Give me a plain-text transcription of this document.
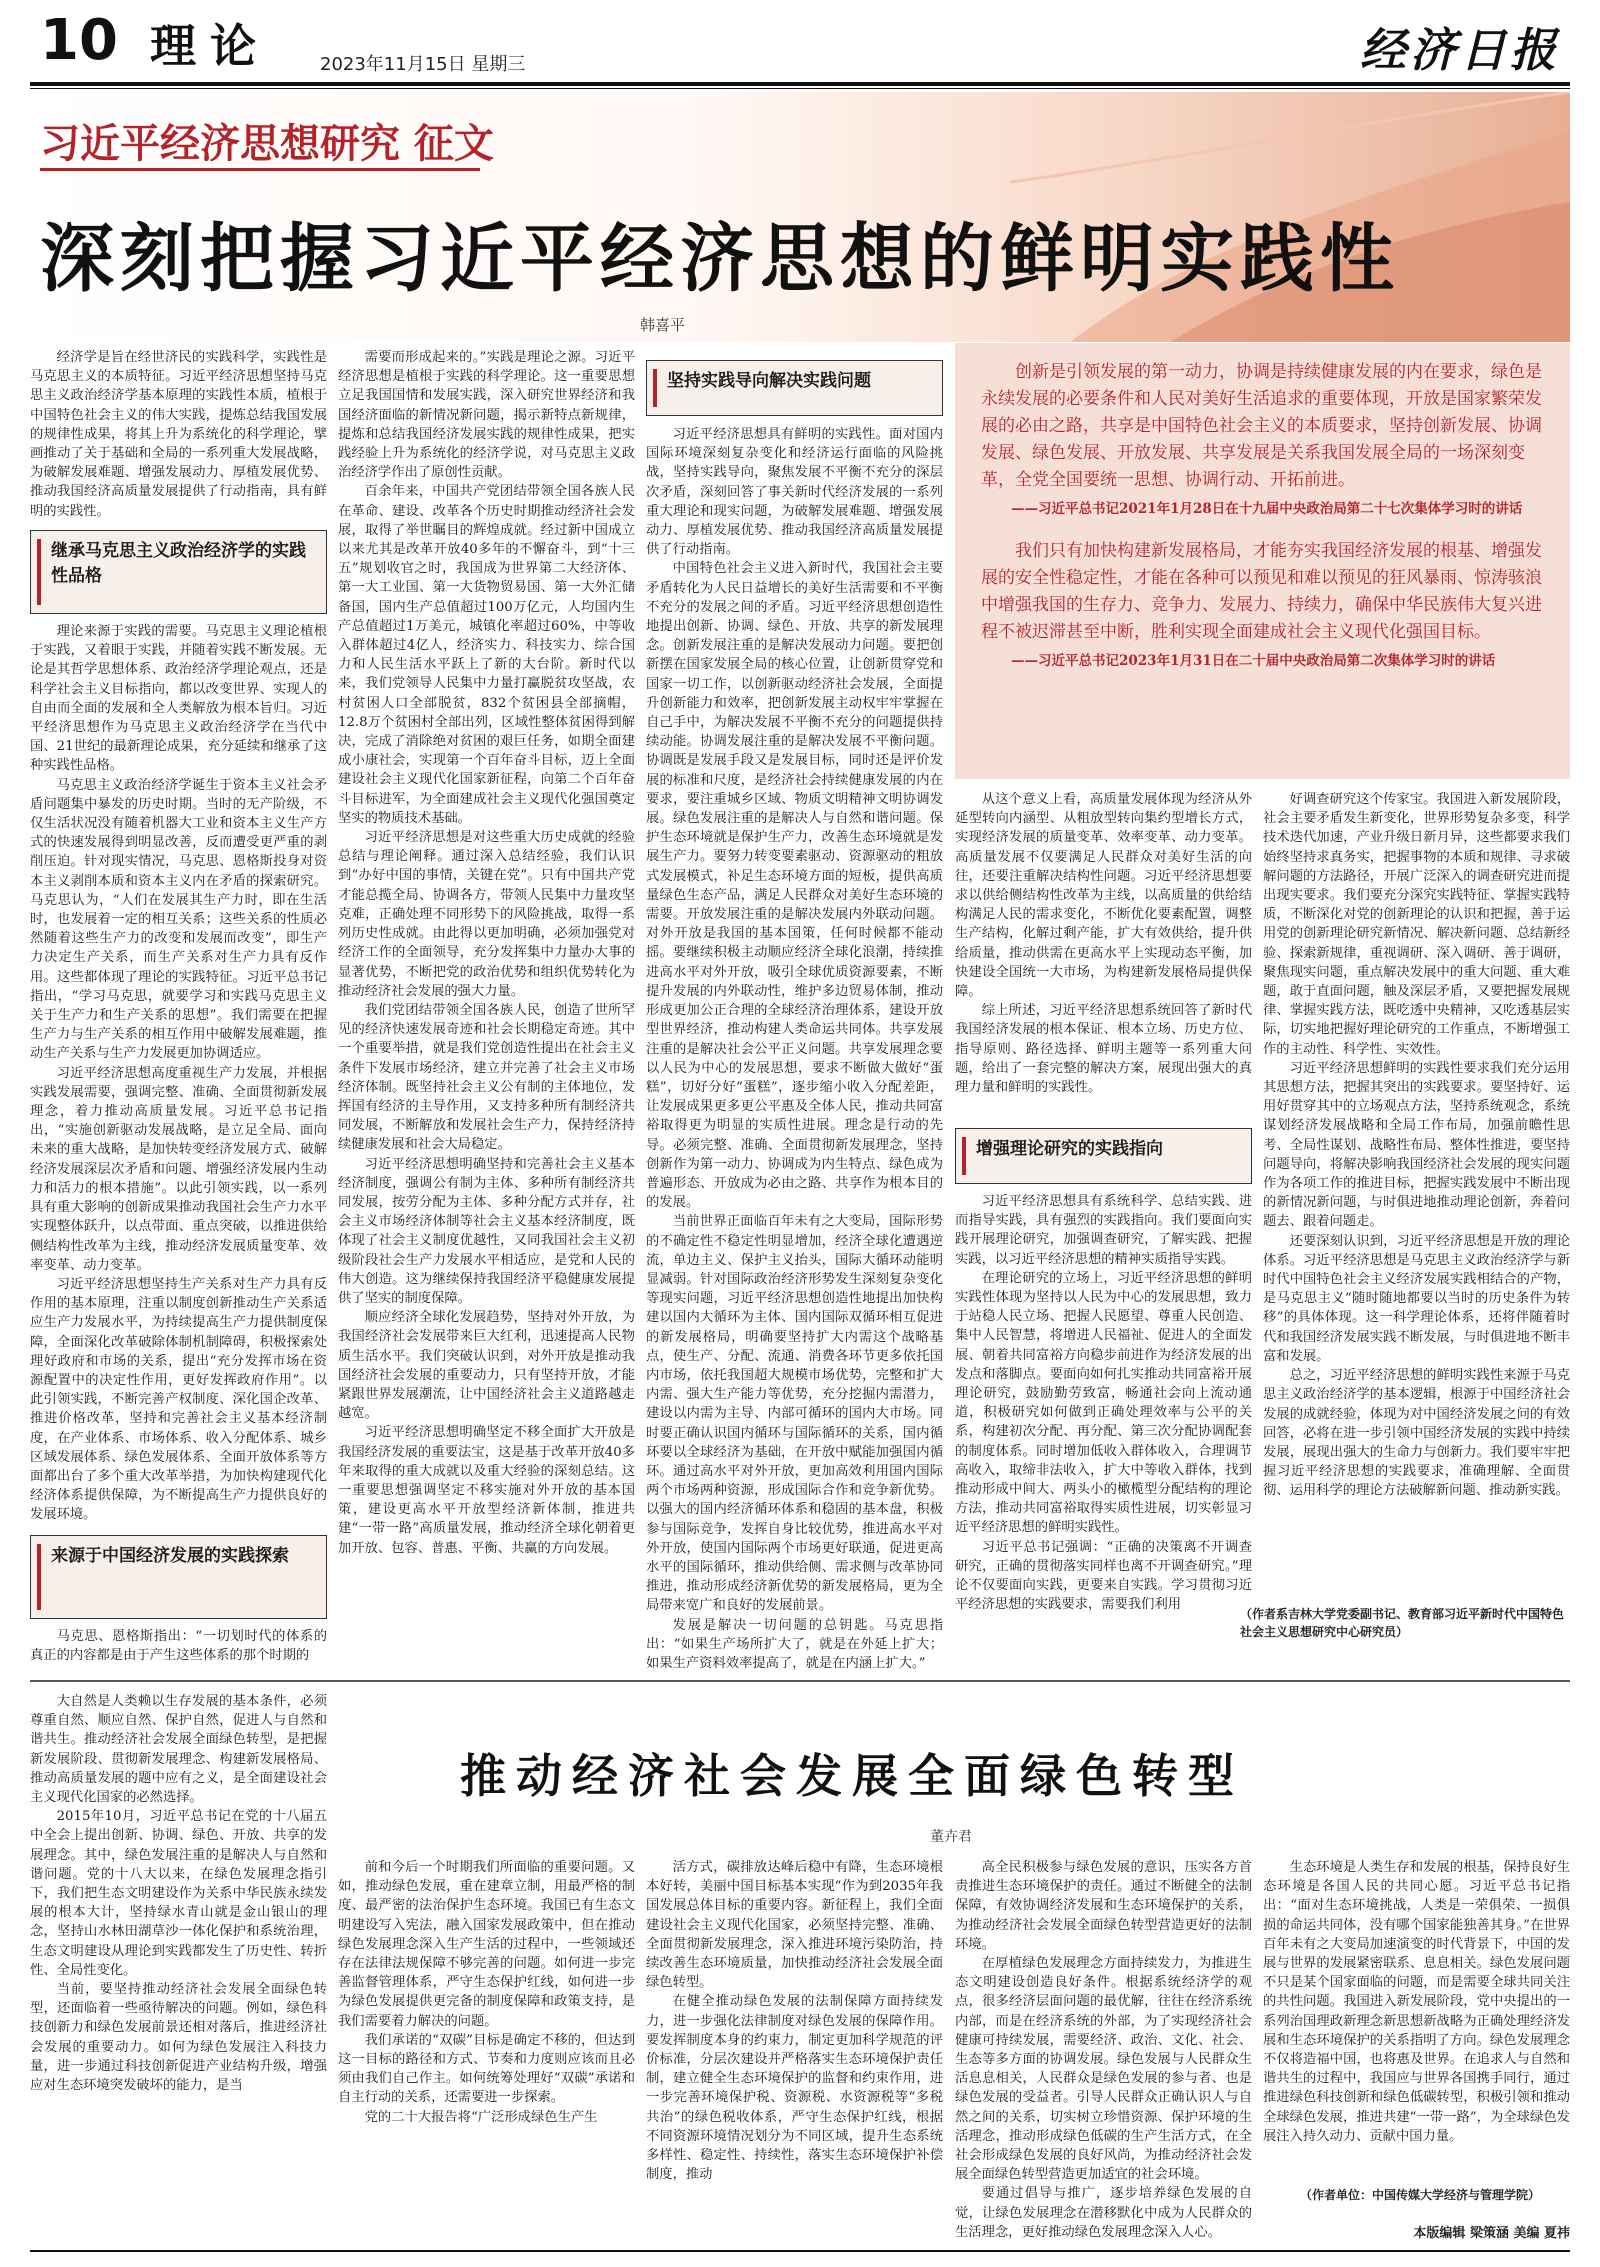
10 理论	2023年11月15日 星期三	经济日报
习近平经济思想研究 征文
深刻把握习近平经济思想的鲜明实践性
韩喜平

经济学是旨在经世济民的实践科学，实践性是马克思主义的本质特征。习近平经济思想坚持马克思主义政治经济学基本原理的实践性本质，植根于中国特色社会主义的伟大实践，提炼总结我国发展的规律性成果，将其上升为系统化的科学理论，擘画推动了关于基础和全局的一系列重大发展战略，为破解发展难题、增强发展动力、厚植发展优势、推动我国经济高质量发展提供了行动指南，具有鲜明的实践性。

继承马克思主义政治经济学的实践性品格

理论来源于实践的需要。马克思主义理论植根于实践，又着眼于实践，并随着实践不断发展。无论是其哲学思想体系、政治经济学理论观点，还是科学社会主义目标指向，都以改变世界、实现人的自由而全面的发展和全人类解放为根本旨归。习近平经济思想作为马克思主义政治经济学在当代中国、21世纪的最新理论成果，充分延续和继承了这种实践性品格。

马克思主义政治经济学诞生于资本主义社会矛盾问题集中暴发的历史时期。当时的无产阶级，不仅生活状况没有随着机器大工业和资本主义生产方式的快速发展得到明显改善，反而遭受更严重的剥削压迫。针对现实情况，马克思、恩格斯投身对资本主义剥削本质和资本主义内在矛盾的探索研究。马克思认为，“人们在发展其生产力时，即在生活时，也发展着一定的相互关系；这些关系的性质必然随着这些生产力的改变和发展而改变”，即生产力决定生产关系，而生产关系对生产力具有反作用。这些都体现了理论的实践特征。习近平总书记指出，“学习马克思，就要学习和实践马克思主义关于生产力和生产关系的思想”。我们需要在把握生产力与生产关系的相互作用中破解发展难题，推动生产关系与生产力发展更加协调适应。

习近平经济思想高度重视生产力发展，并根据实践发展需要，强调完整、准确、全面贯彻新发展理念，着力推动高质量发展。习近平总书记指出，“实施创新驱动发展战略，是立足全局、面向未来的重大战略，是加快转变经济发展方式、破解经济发展深层次矛盾和问题、增强经济发展内生动力和活力的根本措施”。以此引领实践，以一系列具有重大影响的创新成果推动我国社会生产力水平实现整体跃升，以点带面、重点突破，以推进供给侧结构性改革为主线，推动经济发展质量变革、效率变革、动力变革。

习近平经济思想坚持生产关系对生产力具有反作用的基本原理，注重以制度创新推动生产关系适应生产力发展水平，为持续提高生产力提供制度保障，全面深化改革破除体制机制障碍，积极探索处理好政府和市场的关系，提出“充分发挥市场在资源配置中的决定性作用，更好发挥政府作用”。以此引领实践，不断完善产权制度、深化国企改革、推进价格改革，坚持和完善社会主义基本经济制度，在产业体系、市场体系、收入分配体系、城乡区域发展体系、绿色发展体系、全面开放体系等方面都出台了多个重大改革举措，为加快构建现代化经济体系提供保障，为不断提高生产力提供良好的发展环境。

来源于中国经济发展的实践探索

马克思、恩格斯指出：“一切划时代的体系的真正的内容都是由于产生这些体系的那个时期的

需要而形成起来的。”实践是理论之源。习近平经济思想是植根于实践的科学理论。这一重要思想立足我国国情和发展实践，深入研究世界经济和我国经济面临的新情况新问题，揭示新特点新规律，提炼和总结我国经济发展实践的规律性成果，把实践经验上升为系统化的经济学说，对马克思主义政治经济学作出了原创性贡献。

百余年来，中国共产党团结带领全国各族人民在革命、建设、改革各个历史时期推动经济社会发展，取得了举世瞩目的辉煌成就。经过新中国成立以来尤其是改革开放40多年的不懈奋斗，到“十三五”规划收官之时，我国成为世界第二大经济体、第一大工业国、第一大货物贸易国、第一大外汇储备国，国内生产总值超过100万亿元，人均国内生产总值超过1万美元，城镇化率超过60%，中等收入群体超过4亿人，经济实力、科技实力、综合国力和人民生活水平跃上了新的大台阶。新时代以来，我们党领导人民集中力量打赢脱贫攻坚战，农村贫困人口全部脱贫，832个贫困县全部摘帽，12.8万个贫困村全部出列，区域性整体贫困得到解决，完成了消除绝对贫困的艰巨任务，如期全面建成小康社会，实现第一个百年奋斗目标，迈上全面建设社会主义现代化国家新征程，向第二个百年奋斗目标进军，为全面建成社会主义现代化强国奠定坚实的物质技术基础。

习近平经济思想是对这些重大历史成就的经验总结与理论阐释。通过深入总结经验，我们认识到“办好中国的事情，关键在党”。只有中国共产党才能总揽全局、协调各方，带领人民集中力量攻坚克难，正确处理不同形势下的风险挑战，取得一系列历史性成就。由此得以更加明确，必须加强党对经济工作的全面领导，充分发挥集中力量办大事的显著优势，不断把党的政治优势和组织优势转化为推动经济社会发展的强大力量。

我们党团结带领全国各族人民，创造了世所罕见的经济快速发展奇迹和社会长期稳定奇迹。其中一个重要举措，就是我们党创造性提出在社会主义条件下发展市场经济，建立并完善了社会主义市场经济体制。既坚持社会主义公有制的主体地位，发挥国有经济的主导作用，又支持多种所有制经济共同发展，不断解放和发展社会生产力，保持经济持续健康发展和社会大局稳定。

习近平经济思想明确坚持和完善社会主义基本经济制度，强调公有制为主体、多种所有制经济共同发展，按劳分配为主体、多种分配方式并存，社会主义市场经济体制等社会主义基本经济制度，既体现了社会主义制度优越性，又同我国社会主义初级阶段社会生产力发展水平相适应，是党和人民的伟大创造。这为继续保持我国经济平稳健康发展提供了坚实的制度保障。

顺应经济全球化发展趋势，坚持对外开放，为我国经济社会发展带来巨大红利，迅速提高人民物质生活水平。我们突破认识到，对外开放是推动我国经济社会发展的重要动力，只有坚持开放，才能紧跟世界发展潮流，让中国经济社会主义道路越走越宽。

习近平经济思想明确坚定不移全面扩大开放是我国经济发展的重要法宝，这是基于改革开放40多年来取得的重大成就以及重大经验的深刻总结。这一重要思想强调坚定不移实施对外开放的基本国策，建设更高水平开放型经济新体制，推进共建“一带一路”高质量发展，推动经济全球化朝着更加开放、包容、普惠、平衡、共赢的方向发展。

坚持实践导向解决实践问题

习近平经济思想具有鲜明的实践性。面对国内国际环境深刻复杂变化和经济运行面临的风险挑战，坚持实践导向，聚焦发展不平衡不充分的深层次矛盾，深刻回答了事关新时代经济发展的一系列重大理论和现实问题，为破解发展难题、增强发展动力、厚植发展优势、推动我国经济高质量发展提供了行动指南。

中国特色社会主义进入新时代，我国社会主要矛盾转化为人民日益增长的美好生活需要和不平衡不充分的发展之间的矛盾。习近平经济思想创造性地提出创新、协调、绿色、开放、共享的新发展理念。创新发展注重的是解决发展动力问题。要把创新摆在国家发展全局的核心位置，让创新贯穿党和国家一切工作，以创新驱动经济社会发展，全面提升创新能力和效率，把创新发展主动权牢牢掌握在自己手中，为解决发展不平衡不充分的问题提供持续动能。协调发展注重的是解决发展不平衡问题。协调既是发展手段又是发展目标，同时还是评价发展的标准和尺度，是经济社会持续健康发展的内在要求，要注重城乡区域、物质文明精神文明协调发展。绿色发展注重的是解决人与自然和谐问题。保护生态环境就是保护生产力，改善生态环境就是发展生产力。要努力转变要素驱动、资源驱动的粗放式发展模式，补足生态环境方面的短板，提供高质量绿色生态产品，满足人民群众对美好生态环境的需要。开放发展注重的是解决发展内外联动问题。对外开放是我国的基本国策，任何时候都不能动摇。要继续积极主动顺应经济全球化浪潮，持续推进高水平对外开放，吸引全球优质资源要素，不断提升发展的内外联动性，维护多边贸易体制，推动形成更加公正合理的全球经济治理体系，建设开放型世界经济，推动构建人类命运共同体。共享发展注重的是解决社会公平正义问题。共享发展理念要以人民为中心的发展思想，要求不断做大做好“蛋糕”，切好分好“蛋糕”，逐步缩小收入分配差距，让发展成果更多更公平惠及全体人民，推动共同富裕取得更为明显的实质性进展。理念是行动的先导。必须完整、准确、全面贯彻新发展理念，坚持创新作为第一动力、协调成为内生特点、绿色成为普遍形态、开放成为必由之路、共享作为根本目的的发展。

当前世界正面临百年未有之大变局，国际形势的不确定性不稳定性明显增加，经济全球化遭遇逆流，单边主义、保护主义抬头，国际大循环动能明显减弱。针对国际政治经济形势发生深刻复杂变化等现实问题，习近平经济思想创造性地提出加快构建以国内大循环为主体、国内国际双循环相互促进的新发展格局，明确要坚持扩大内需这个战略基点，使生产、分配、流通、消费各环节更多依托国内市场，依托我国超大规模市场优势，完整和扩大内需、强大生产能力等优势，充分挖掘内需潜力，建设以内需为主导、内部可循环的国内大市场。同时要正确认识国内循环与国际循环的关系，国内循环要以全球经济为基础，在开放中赋能加强国内循环。通过高水平对外开放，更加高效利用国内国际两个市场两种资源，形成国际合作和竞争新优势。以强大的国内经济循环体系和稳固的基本盘，积极参与国际竞争，发挥自身比较优势，推进高水平对外开放，使国内国际两个市场更好联通，促进更高水平的国际循环，推动供给侧、需求侧与改革协同推进，推动形成经济新优势的新发展格局，更为全局带来宽广和良好的发展前景。

发展是解决一切问题的总钥匙。马克思指出：“如果生产场所扩大了，就是在外延上扩大；如果生产资料效率提高了，就是在内涵上扩大。”

创新是引领发展的第一动力，协调是持续健康发展的内在要求，绿色是永续发展的必要条件和人民对美好生活追求的重要体现，开放是国家繁荣发展的必由之路，共享是中国特色社会主义的本质要求，坚持创新发展、协调发展、绿色发展、开放发展、共享发展是关系我国发展全局的一场深刻变革，全党全国要统一思想、协调行动、开拓前进。

——习近平总书记2021年1月28日在十九届中央政治局第二十七次集体学习时的讲话

我们只有加快构建新发展格局，才能夯实我国经济发展的根基、增强发展的安全性稳定性，才能在各种可以预见和难以预见的狂风暴雨、惊涛骇浪中增强我国的生存力、竞争力、发展力、持续力，确保中华民族伟大复兴进程不被迟滞甚至中断，胜利实现全面建成社会主义现代化强国目标。

——习近平总书记2023年1月31日在二十届中央政治局第二次集体学习时的讲话

从这个意义上看，高质量发展体现为经济从外延型转向内涵型、从粗放型转向集约型增长方式，实现经济发展的质量变革、效率变革、动力变革。高质量发展不仅要满足人民群众对美好生活的向往，还要注重解决结构性问题。习近平经济思想要求以供给侧结构性改革为主线，以高质量的供给结构满足人民的需求变化，不断优化要素配置，调整生产结构，化解过剩产能，扩大有效供给，提升供给质量，推动供需在更高水平上实现动态平衡，加快建设全国统一大市场，为构建新发展格局提供保障。

综上所述，习近平经济思想系统回答了新时代我国经济发展的根本保证、根本立场、历史方位、指导原则、路径选择、鲜明主题等一系列重大问题，给出了一套完整的解决方案，展现出强大的真理力量和鲜明的实践性。

增强理论研究的实践指向

习近平经济思想具有系统科学、总结实践、进而指导实践，具有强烈的实践指向。我们要面向实践开展理论研究，加强调查研究，了解实践、把握实践，以习近平经济思想的精神实质指导实践。

在理论研究的立场上，习近平经济思想的鲜明实践性体现为坚持以人民为中心的发展思想，致力于站稳人民立场、把握人民愿望、尊重人民创造、集中人民智慧，将增进人民福祉、促进人的全面发展、朝着共同富裕方向稳步前进作为经济发展的出发点和落脚点。要面向如何扎实推动共同富裕开展理论研究，鼓励勤劳致富，畅通社会向上流动通道，积极研究如何做到正确处理效率与公平的关系，构建初次分配、再分配、第三次分配协调配套的制度体系。同时增加低收入群体收入，合理调节高收入，取缔非法收入，扩大中等收入群体，找到推动形成中间大、两头小的橄榄型分配结构的理论方法，推动共同富裕取得实质性进展，切实彰显习近平经济思想的鲜明实践性。

习近平总书记强调：“正确的决策离不开调查研究，正确的贯彻落实同样也离不开调查研究。”理论不仅要面向实践，更要来自实践。学习贯彻习近平经济思想的实践要求，需要我们利用

好调查研究这个传家宝。我国进入新发展阶段，社会主要矛盾发生新变化，世界形势复杂多变，科学技术迭代加速，产业升级日新月异，这些都要求我们始终坚持求真务实，把握事物的本质和规律、寻求破解问题的方法路径，开展广泛深入的调查研究进而提出现实要求。我们要充分深究实践特征、掌握实践特质，不断深化对党的创新理论的认识和把握，善于运用党的创新理论研究新情况、解决新问题、总结新经验、探索新规律，重视调研、深入调研、善于调研，聚焦现实问题，重点解决发展中的重大问题、重大难题，敢于直面问题，触及深层矛盾，又要把握发展规律、掌握实践方法，既吃透中央精神，又吃透基层实际，切实地把握好理论研究的工作重点，不断增强工作的主动性、科学性、实效性。

习近平经济思想鲜明的实践性要求我们充分运用其思想方法，把握其突出的实践要求。要坚持好、运用好贯穿其中的立场观点方法，坚持系统观念，系统谋划经济发展战略和全局工作布局，加强前瞻性思考、全局性谋划、战略性布局、整体性推进，要坚持问题导向，将解决影响我国经济社会发展的现实问题作为各项工作的推进目标，把握实践发展中不断出现的新情况新问题，与时俱进地推动理论创新，奔着问题去、跟着问题走。

还要深刻认识到，习近平经济思想是开放的理论体系。习近平经济思想是马克思主义政治经济学与新时代中国特色社会主义经济发展实践相结合的产物，是马克思主义“随时随地都要以当时的历史条件为转移”的具体体现。这一科学理论体系，还将伴随着时代和我国经济发展实践不断发展，与时俱进地不断丰富和发展。

总之，习近平经济思想的鲜明实践性来源于马克思主义政治经济学的基本逻辑，根源于中国经济社会发展的成就经验，体现为对中国经济发展之问的有效回答，必将在进一步引领中国经济发展的实践中持续发展，展现出强大的生命力与创新力。我们要牢牢把握习近平经济思想的实践要求，准确理解、全面贯彻、运用科学的理论方法破解新问题、推动新实践。

（作者系吉林大学党委副书记、教育部习近平新时代中国特色社会主义思想研究中心研究员）

大自然是人类赖以生存发展的基本条件，必须尊重自然、顺应自然、保护自然，促进人与自然和谐共生。推动经济社会发展全面绿色转型，是把握新发展阶段、贯彻新发展理念、构建新发展格局、推动高质量发展的题中应有之义，是全面建设社会主义现代化国家的必然选择。

2015年10月，习近平总书记在党的十八届五中全会上提出创新、协调、绿色、开放、共享的发展理念。其中，绿色发展注重的是解决人与自然和谐问题。党的十八大以来，在绿色发展理念指引下，我们把生态文明建设作为关系中华民族永续发展的根本大计，坚持绿水青山就是金山银山的理念，坚持山水林田湖草沙一体化保护和系统治理，生态文明建设从理论到实践都发生了历史性、转折性、全局性变化。

当前，要坚持推动经济社会发展全面绿色转型，还面临着一些亟待解决的问题。例如，绿色科技创新力和绿色发展前景还相对落后，推进经济社会发展的重要动力。如何为绿色发展注入科技力量，进一步通过科技创新促进产业结构升级，增强应对生态环境突发破坏的能力，是当

推动经济社会发展全面绿色转型
董卉君

前和今后一个时期我们所面临的重要问题。又如，推动绿色发展，重在建章立制，用最严格的制度、最严密的法治保护生态环境。我国已有生态文明建设写入宪法，融入国家发展政策中，但在推动绿色发展理念深入生产生活的过程中，一些领域还存在法律法规保障不够完善的问题。如何进一步完善监督管理体系，严守生态保护红线，如何进一步为绿色发展提供更完备的制度保障和政策支持，是我们需要着力解决的问题。

我们承诺的“双碳”目标是确定不移的，但达到这一目标的路径和方式、节奏和力度则应该而且必须由我们自己作主。如何统筹处理好“双碳”承诺和自主行动的关系，还需要进一步探索。

党的二十大报告将“广泛形成绿色生产生

活方式，碳排放达峰后稳中有降，生态环境根本好转，美丽中国目标基本实现”作为到2035年我国发展总体目标的重要内容。新征程上，我们全面建设社会主义现代化国家，必须坚持完整、准确、全面贯彻新发展理念，深入推进环境污染防治，持续改善生态环境质量，加快推动经济社会发展全面绿色转型。

在健全推动绿色发展的法制保障方面持续发力，进一步强化法律制度对绿色发展的保障作用。要发挥制度本身的约束力，制定更加科学规范的评价标准，分层次建设并严格落实生态环境保护责任制，建立健全生态环境保护的监督和约束作用，进一步完善环境保护税、资源税、水资源税等“多税共治”的绿色税收体系，严守生态保护红线，根据不同资源环境情况划分为不同区域，提升生态系统多样性、稳定性、持续性，落实生态环境保护补偿制度，推动

高全民积极参与绿色发展的意识，压实各方首责推进生态环境保护的责任。通过不断健全的法制保障，有效协调经济发展和生态环境保护的关系，为推动经济社会发展全面绿色转型营造更好的法制环境。

在厚植绿色发展理念方面持续发力，为推进生态文明建设创造良好条件。根据系统经济学的观点，很多经济层面问题的最优解，往往在经济系统内部，而是在经济系统的外部，为了实现经济社会健康可持续发展，需要经济、政治、文化、社会、生态等多方面的协调发展。绿色发展与人民群众生活息息相关，人民群众是绿色发展的参与者、也是绿色发展的受益者。引导人民群众正确认识人与自然之间的关系，切实树立珍惜资源、保护环境的生活理念，推动形成绿色低碳的生产生活方式，在全社会形成绿色发展的良好风尚，为推动经济社会发展全面绿色转型营造更加适宜的社会环境。

要通过倡导与推广，逐步培养绿色发展的自觉，让绿色发展理念在潜移默化中成为人民群众的生活理念，更好推动绿色发展理念深入人心。

生态环境是人类生存和发展的根基，保持良好生态环境是各国人民的共同心愿。习近平总书记指出：“面对生态环境挑战，人类是一荣俱荣、一损俱损的命运共同体，没有哪个国家能独善其身。”在世界百年未有之大变局加速演变的时代背景下，中国的发展与世界的发展紧密联系、息息相关。绿色发展问题不只是某个国家面临的问题，而是需要全球共同关注的共性问题。我国进入新发展阶段，党中央提出的一系列治国理政新理念新思想新战略为正确处理经济发展和生态环境保护的关系指明了方向。绿色发展理念不仅将造福中国，也将惠及世界。在追求人与自然和谐共生的过程中，我国应与世界各国携手同行，通过推进绿色科技创新和绿色低碳转型，积极引领和推动全球绿色发展，推进共建“一带一路”，为全球绿色发展注入持久动力、贡献中国力量。

（作者单位：中国传媒大学经济与管理学院）
本版编辑 梁策涵 美编 夏祎
